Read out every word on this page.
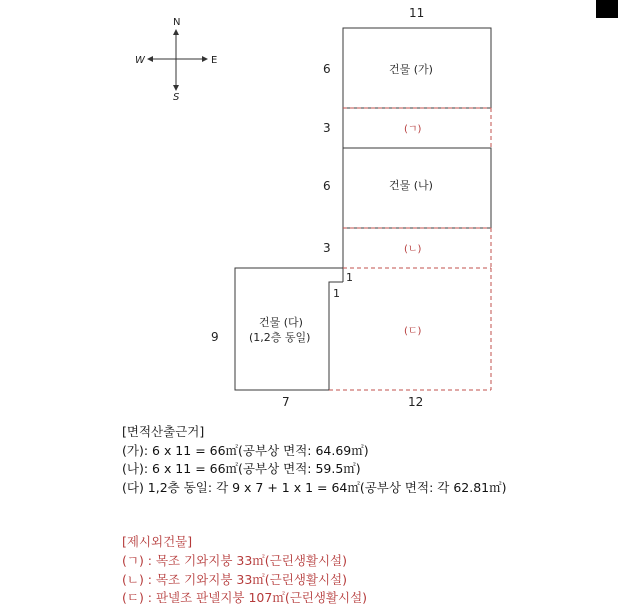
N
S
E
W
11
6
3
6
3
9
7	12
1
1
건물 (가)
건물 (나)
건물 (다)
(1,2층 동일)
(ㄱ)
(ㄴ)
(ㄷ)
[면적산출근거]
(가): 6 x 11 = 66㎡(공부상 면적: 64.69㎡)
(나): 6 x 11 = 66㎡(공부상 면적: 59.5㎡)
(다) 1,2층 동일: 각 9 x 7 + 1 x 1 = 64㎡(공부상 면적: 각 62.81㎡)
[제시외건물]
(ㄱ) : 목조 기와지붕 33㎡(근린생활시설)
(ㄴ) : 목조 기와지붕 33㎡(근린생활시설)
(ㄷ) : 판넬조 판넬지붕 107㎡(근린생활시설)
